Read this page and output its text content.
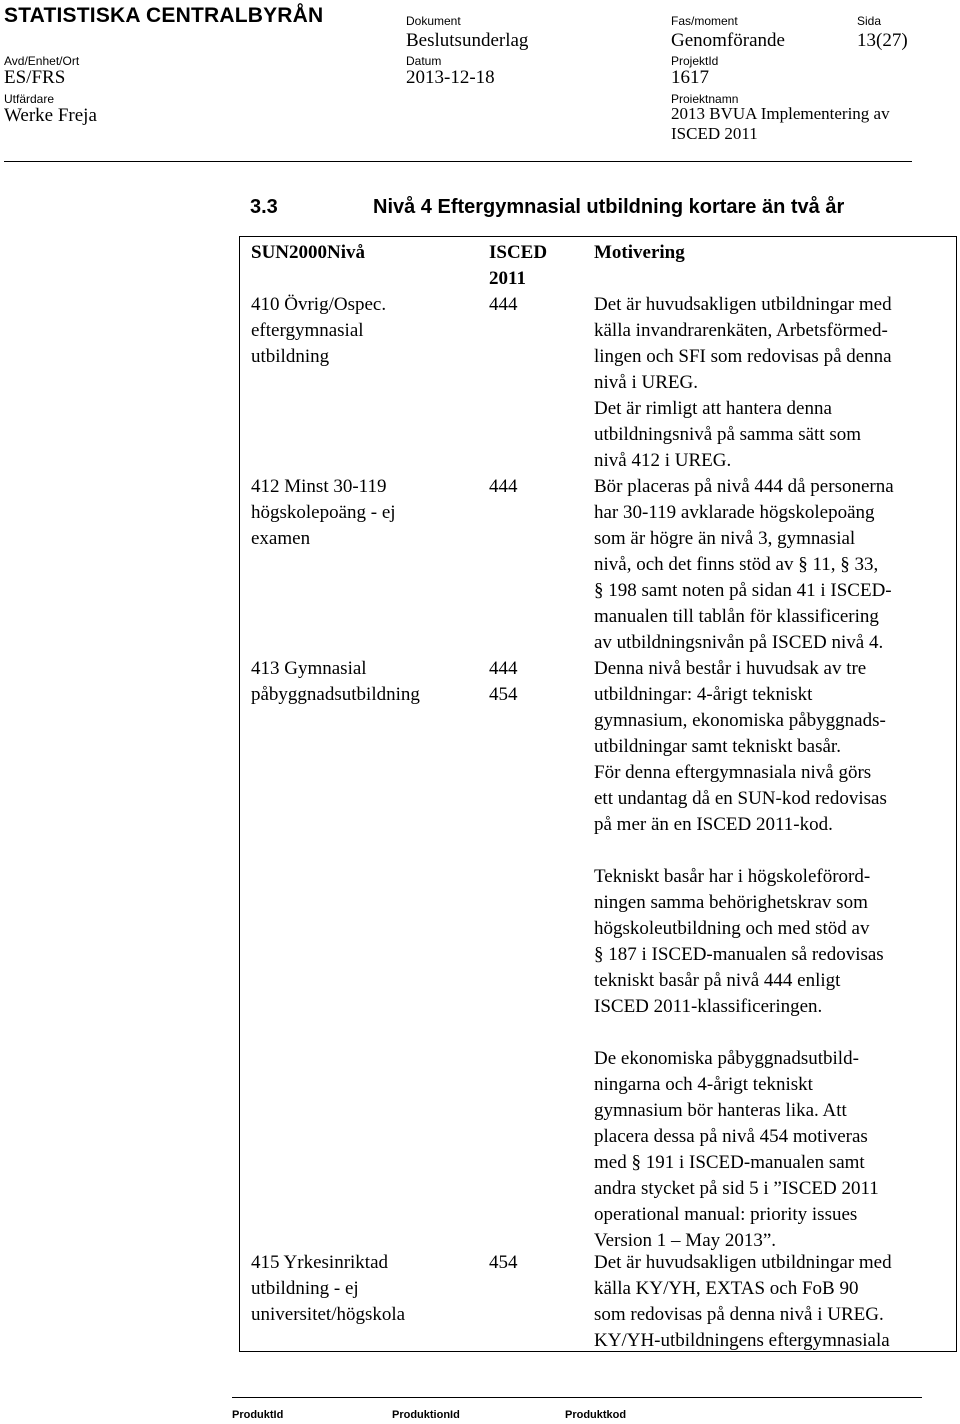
STATISTISKA CENTRALBYRÅN	Dokument
Beslutsunderlag
Fas/moment
Genomförande
Sida
13(27)
Avd/Enhet/Ort
ES/FRS
Datum
2013-12-18
ProjektId
1617
Utfärdare
Werke Freja
Proiektnamn
2013 BVUA Implementering av
ISCED 2011
3.3	Nivå 4 Eftergymnasial utbildning kortare än två år
SUN2000Nivå	ISCED
2011
Motivering
410 Övrig/Ospec.
eftergymnasial
utbildning
444	Det är huvudsakligen utbildningar med
källa invandrarenkäten, Arbetsförmed-
lingen och SFI som redovisas på denna
nivå i UREG.
Det är rimligt att hantera denna
utbildningsnivå på samma sätt som
nivå 412 i UREG.
412 Minst 30-119
högskolepoäng - ej
examen
444	Bör placeras på nivå 444 då personerna
har 30-119 avklarade högskolepoäng
som är högre än nivå 3, gymnasial
nivå, och det finns stöd av § 11, § 33,
§ 198 samt noten på sidan 41 i ISCED-
manualen till tablån för klassificering
av utbildningsnivån på ISCED nivå 4.
413 Gymnasial
påbyggnadsutbildning
444
454
Denna nivå består i huvudsak av tre
utbildningar: 4-årigt tekniskt
gymnasium, ekonomiska påbyggnads-
utbildningar samt tekniskt basår.
För denna eftergymnasiala nivå görs
ett undantag då en SUN-kod redovisas
på mer än en ISCED 2011-kod.
Tekniskt basår har i högskoleförord-
ningen samma behörighetskrav som
högskoleutbildning och med stöd av
§ 187 i ISCED-manualen så redovisas
tekniskt basår på nivå 444 enligt
ISCED 2011-klassificeringen.
De ekonomiska påbyggnadsutbild-
ningarna och 4-årigt tekniskt
gymnasium bör hanteras lika. Att
placera dessa på nivå 454 motiveras
med § 191 i ISCED-manualen samt
andra stycket på sid 5 i ”ISCED 2011
operational manual: priority issues
Version 1 – May 2013”.
415 Yrkesinriktad
utbildning - ej
universitet/högskola
454	Det är huvudsakligen utbildningar med
källa KY/YH, EXTAS och FoB 90
som redovisas på denna nivå i UREG.
KY/YH-utbildningens eftergymnasiala
ProduktId	ProduktionId	Produktkod
